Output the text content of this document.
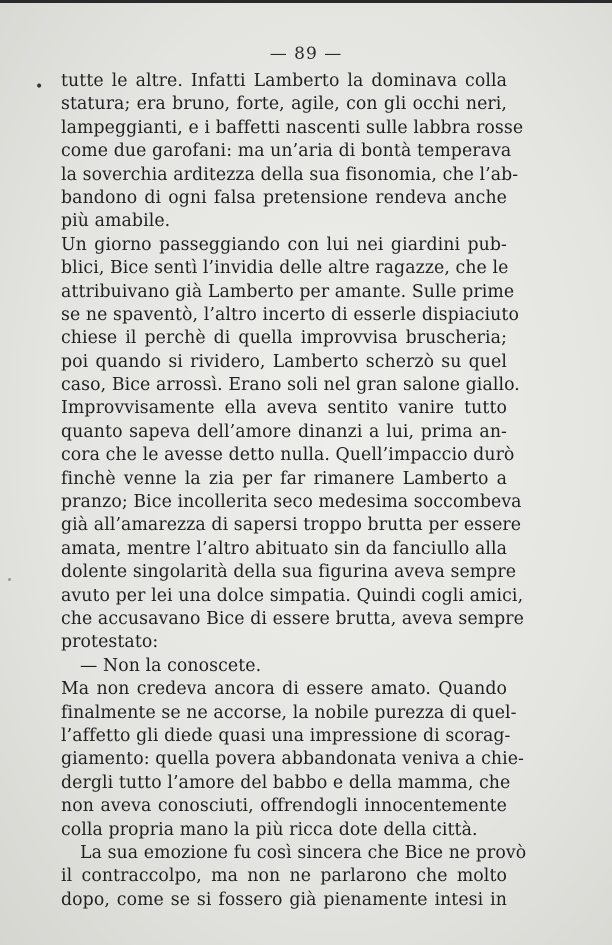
— 89 —
• tutte le altre. Infatti Lamberto la dominava colla
statura; era bruno, forte, agile, con gli occhi neri,
lampeggianti, e i baffetti nascenti sulle labbra rosse
come due garofani: ma un’aria di bontà temperava
la soverchia arditezza della sua fisonomia, che l’ab-
bandono di ogni falsa pretensione rendeva anche
più amabile.
Un giorno passeggiando con lui nei giardini pub-
blici, Bice sentì l’invidia delle altre ragazze, che le
attribuivano già Lamberto per amante. Sulle prime
se ne spaventò, l’altro incerto di esserle dispiaciuto
chiese il perchè di quella improvvisa bruscheria;
poi quando si rividero, Lamberto scherzò su quel
caso, Bice arrossì. Erano soli nel gran salone giallo.
Improvvisamente ella aveva sentito vanire tutto
quanto sapeva dell’amore dinanzi a lui, prima an-
cora che le avesse detto nulla. Quell’impaccio durò
finchè venne la zia per far rimanere Lamberto a
pranzo; Bice incollerita seco medesima soccombeva
già all’amarezza di sapersi troppo brutta per essere
amata, mentre l’altro abituato sin da fanciullo alla
dolente singolarità della sua figurina aveva sempre
avuto per lei una dolce simpatia. Quindi cogli amici,
che accusavano Bice di essere brutta, aveva sempre
protestato:
— Non la conoscete.
Ma non credeva ancora di essere amato. Quando
finalmente se ne accorse, la nobile purezza di quel-
l’affetto gli diede quasi una impressione di scorag-
giamento: quella povera abbandonata veniva a chie-
dergli tutto l’amore del babbo e della mamma, che
non aveva conosciuti, offrendogli innocentemente
colla propria mano la più ricca dote della città.
La sua emozione fu così sincera che Bice ne provò
il contraccolpo, ma non ne parlarono che molto
dopo, come se si fossero già pienamente intesi in
